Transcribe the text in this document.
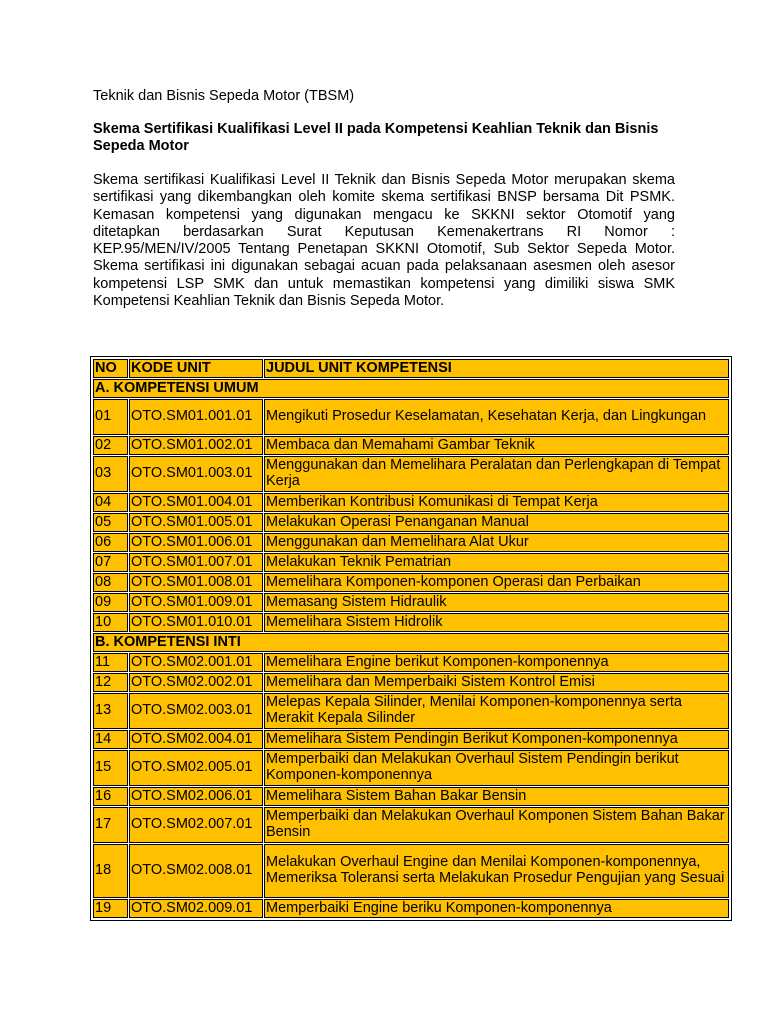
Teknik dan Bisnis Sepeda Motor (TBSM)
Skema Sertifikasi Kualifikasi Level II pada Kompetensi Keahlian Teknik dan Bisnis Sepeda Motor
Skema sertifikasi Kualifikasi Level II Teknik dan Bisnis Sepeda Motor merupakan skema sertifikasi yang dikembangkan oleh komite skema sertifikasi BNSP bersama Dit PSMK. Kemasan kompetensi yang digunakan mengacu ke SKKNI sektor Otomotif yang ditetapkan berdasarkan Surat Keputusan Kemenakertrans RI Nomor : KEP.95/MEN/IV/2005 Tentang Penetapan SKKNI Otomotif, Sub Sektor Sepeda Motor. Skema sertifikasi ini digunakan sebagai acuan pada pelaksanaan asesmen oleh asesor kompetensi LSP SMK dan untuk memastikan kompetensi yang dimiliki siswa SMK Kompetensi Keahlian Teknik dan Bisnis Sepeda Motor.
NO	KODE UNIT	JUDUL UNIT KOMPETENSI
A. KOMPETENSI UMUM		
01	OTO.SM01.001.01	Mengikuti Prosedur Keselamatan, Kesehatan Kerja, dan Lingkungan
02	OTO.SM01.002.01	Membaca dan Memahami Gambar Teknik
03	OTO.SM01.003.01	Menggunakan dan Memelihara Peralatan dan Perlengkapan di Tempat Kerja
04	OTO.SM01.004.01	Memberikan Kontribusi Komunikasi di Tempat Kerja
05	OTO.SM01.005.01	Melakukan Operasi Penanganan Manual
06	OTO.SM01.006.01	Menggunakan dan Memelihara Alat Ukur
07	OTO.SM01.007.01	Melakukan Teknik Pematrian
08	OTO.SM01.008.01	Memelihara Komponen-komponen Operasi dan Perbaikan
09	OTO.SM01.009.01	Memasang Sistem Hidraulik
10	OTO.SM01.010.01	Memelihara Sistem Hidrolik
B. KOMPETENSI INTI		
11	OTO.SM02.001.01	Memelihara Engine berikut Komponen-komponennya
12	OTO.SM02.002.01	Memelihara dan Memperbaiki Sistem Kontrol Emisi
13	OTO.SM02.003.01	Melepas Kepala Silinder, Menilai Komponen-komponennya serta Merakit Kepala Silinder
14	OTO.SM02.004.01	Memelihara Sistem Pendingin Berikut Komponen-komponennya
15	OTO.SM02.005.01	Memperbaiki dan Melakukan Overhaul Sistem Pendingin berikut Komponen-komponennya
16	OTO.SM02.006.01	Memelihara Sistem Bahan Bakar Bensin
17	OTO.SM02.007.01	Memperbaiki dan Melakukan Overhaul Komponen Sistem Bahan Bakar Bensin
18	OTO.SM02.008.01	Melakukan Overhaul Engine dan Menilai Komponen-komponennya, Memeriksa Toleransi serta Melakukan Prosedur Pengujian yang Sesuai
19	OTO.SM02.009.01	Memperbaiki Engine beriku Komponen-komponennya
